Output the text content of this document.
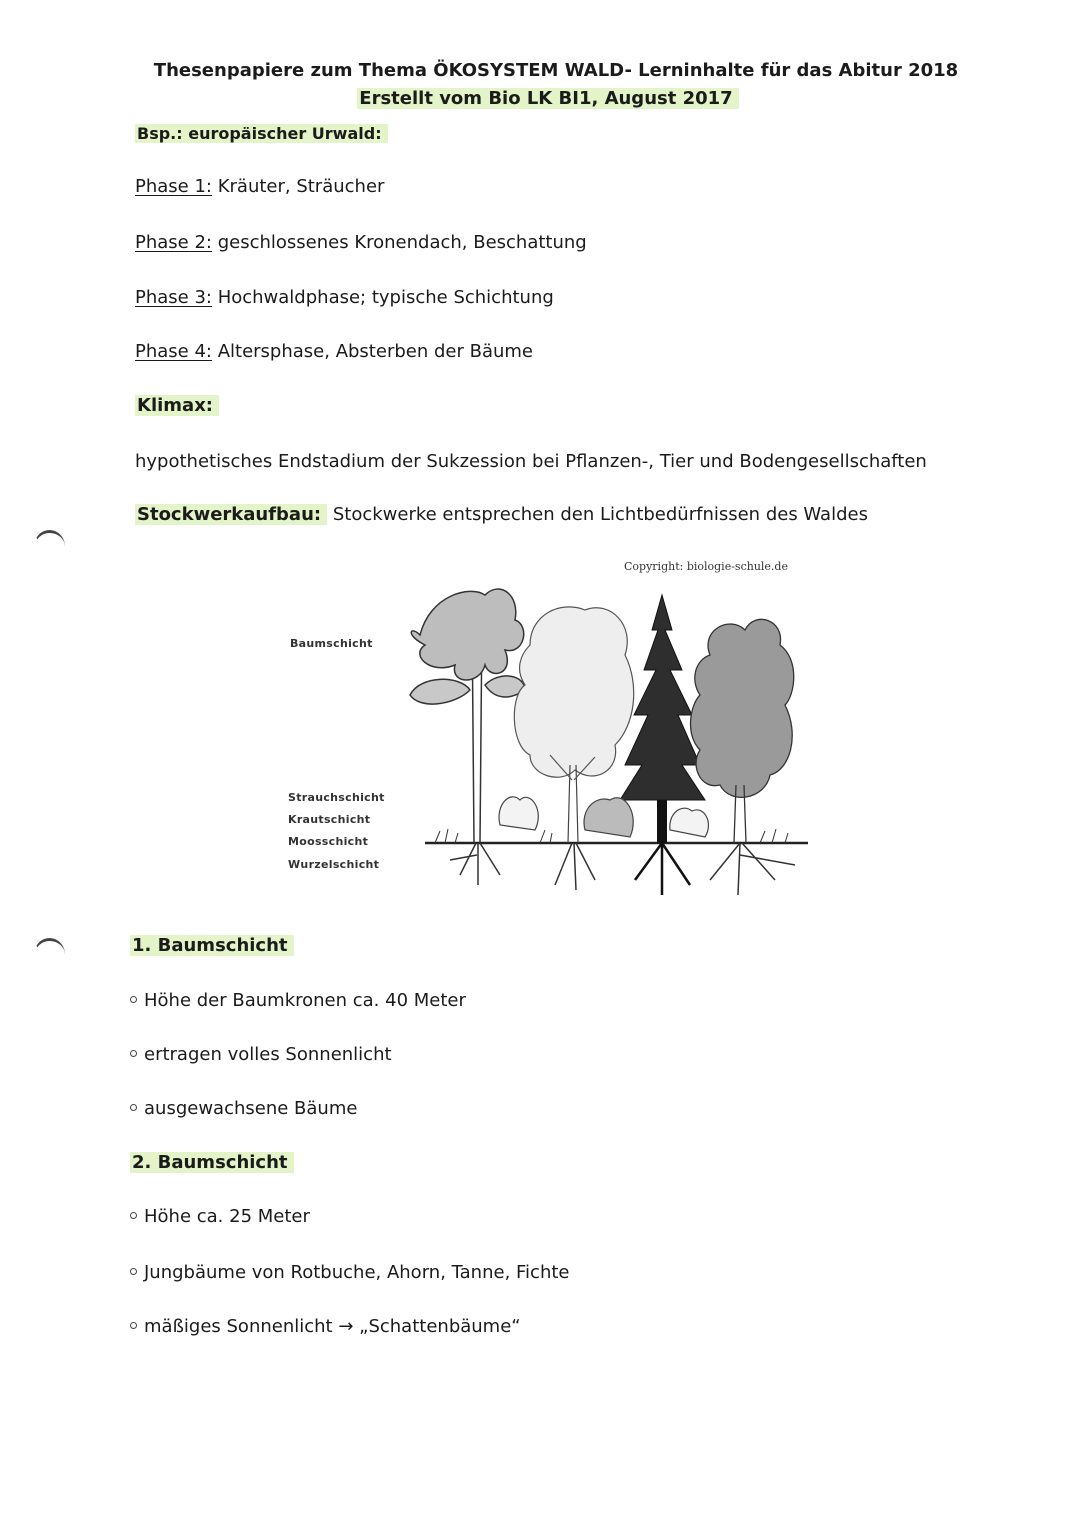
Thesenpapiere zum Thema ÖKOSYSTEM WALD- Lerninhalte für das Abitur 2018
Erstellt vom Bio LK BI1, August 2017
Bsp.: europäischer Urwald:
Phase 1: Kräuter, Sträucher
Phase 2: geschlossenes Kronendach, Beschattung
Phase 3: Hochwaldphase; typische Schichtung
Phase 4: Altersphase, Absterben der Bäume
Klimax:
hypothetisches Endstadium der Sukzession bei Pflanzen-, Tier und Bodengesellschaften
Stockwerkaufbau: Stockwerke entsprechen den Lichtbedürfnissen des Waldes
Copyright: biologie-schule.de
Baumschicht
Strauchschicht
Krautschicht
Moosschicht
Wurzelschicht
1. Baumschicht
Höhe der Baumkronen ca. 40 Meter
ertragen volles Sonnenlicht
ausgewachsene Bäume
2. Baumschicht
Höhe ca. 25 Meter
Jungbäume von Rotbuche, Ahorn, Tanne, Fichte
mäßiges Sonnenlicht → „Schattenbäume“
